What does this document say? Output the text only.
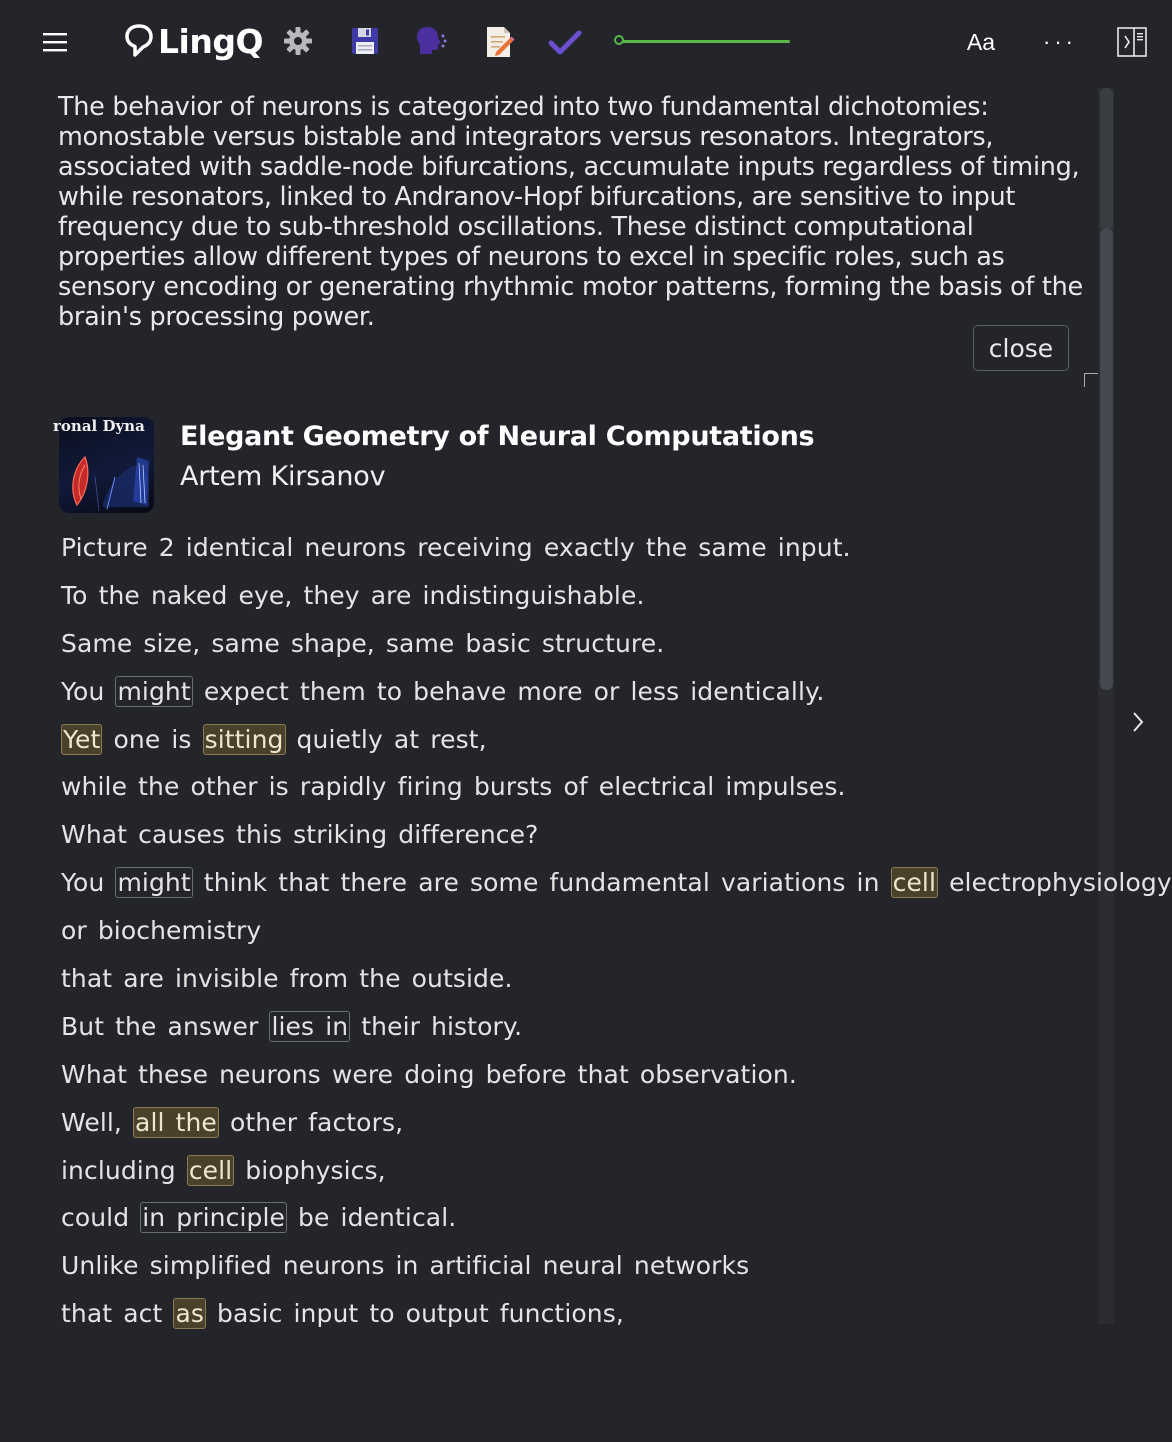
LingQ	Aa	···
The behavior of neurons is categorized into two fundamental dichotomies: monostable versus bistable and integrators versus resonators. Integrators, associated with saddle-node bifurcations, accumulate inputs regardless of timing, while resonators, linked to Andranov-Hopf bifurcations, are sensitive to input frequency due to sub-threshold oscillations. These distinct computational properties allow different types of neurons to excel in specific roles, such as sensory encoding or generating rhythmic motor patterns, forming the basis of the brain's processing power.
close
ronal Dyna Elegant Geometry of Neural Computations
Artem Kirsanov
Picture 2 identical neurons receiving exactly the same input.
To the naked eye, they are indistinguishable.
Same size, same shape, same basic structure.
You might expect them to behave more or less identically.
Yet one is sitting quietly at rest,
while the other is rapidly firing bursts of electrical impulses.
What causes this striking difference?
You might think that there are some fundamental variations in cell electrophysiology
or biochemistry
that are invisible from the outside.
But the answer lies in their history.
What these neurons were doing before that observation.
Well, all the other factors,
including cell biophysics,
could in principle be identical.
Unlike simplified neurons in artificial neural networks
that act as basic input to output functions,
